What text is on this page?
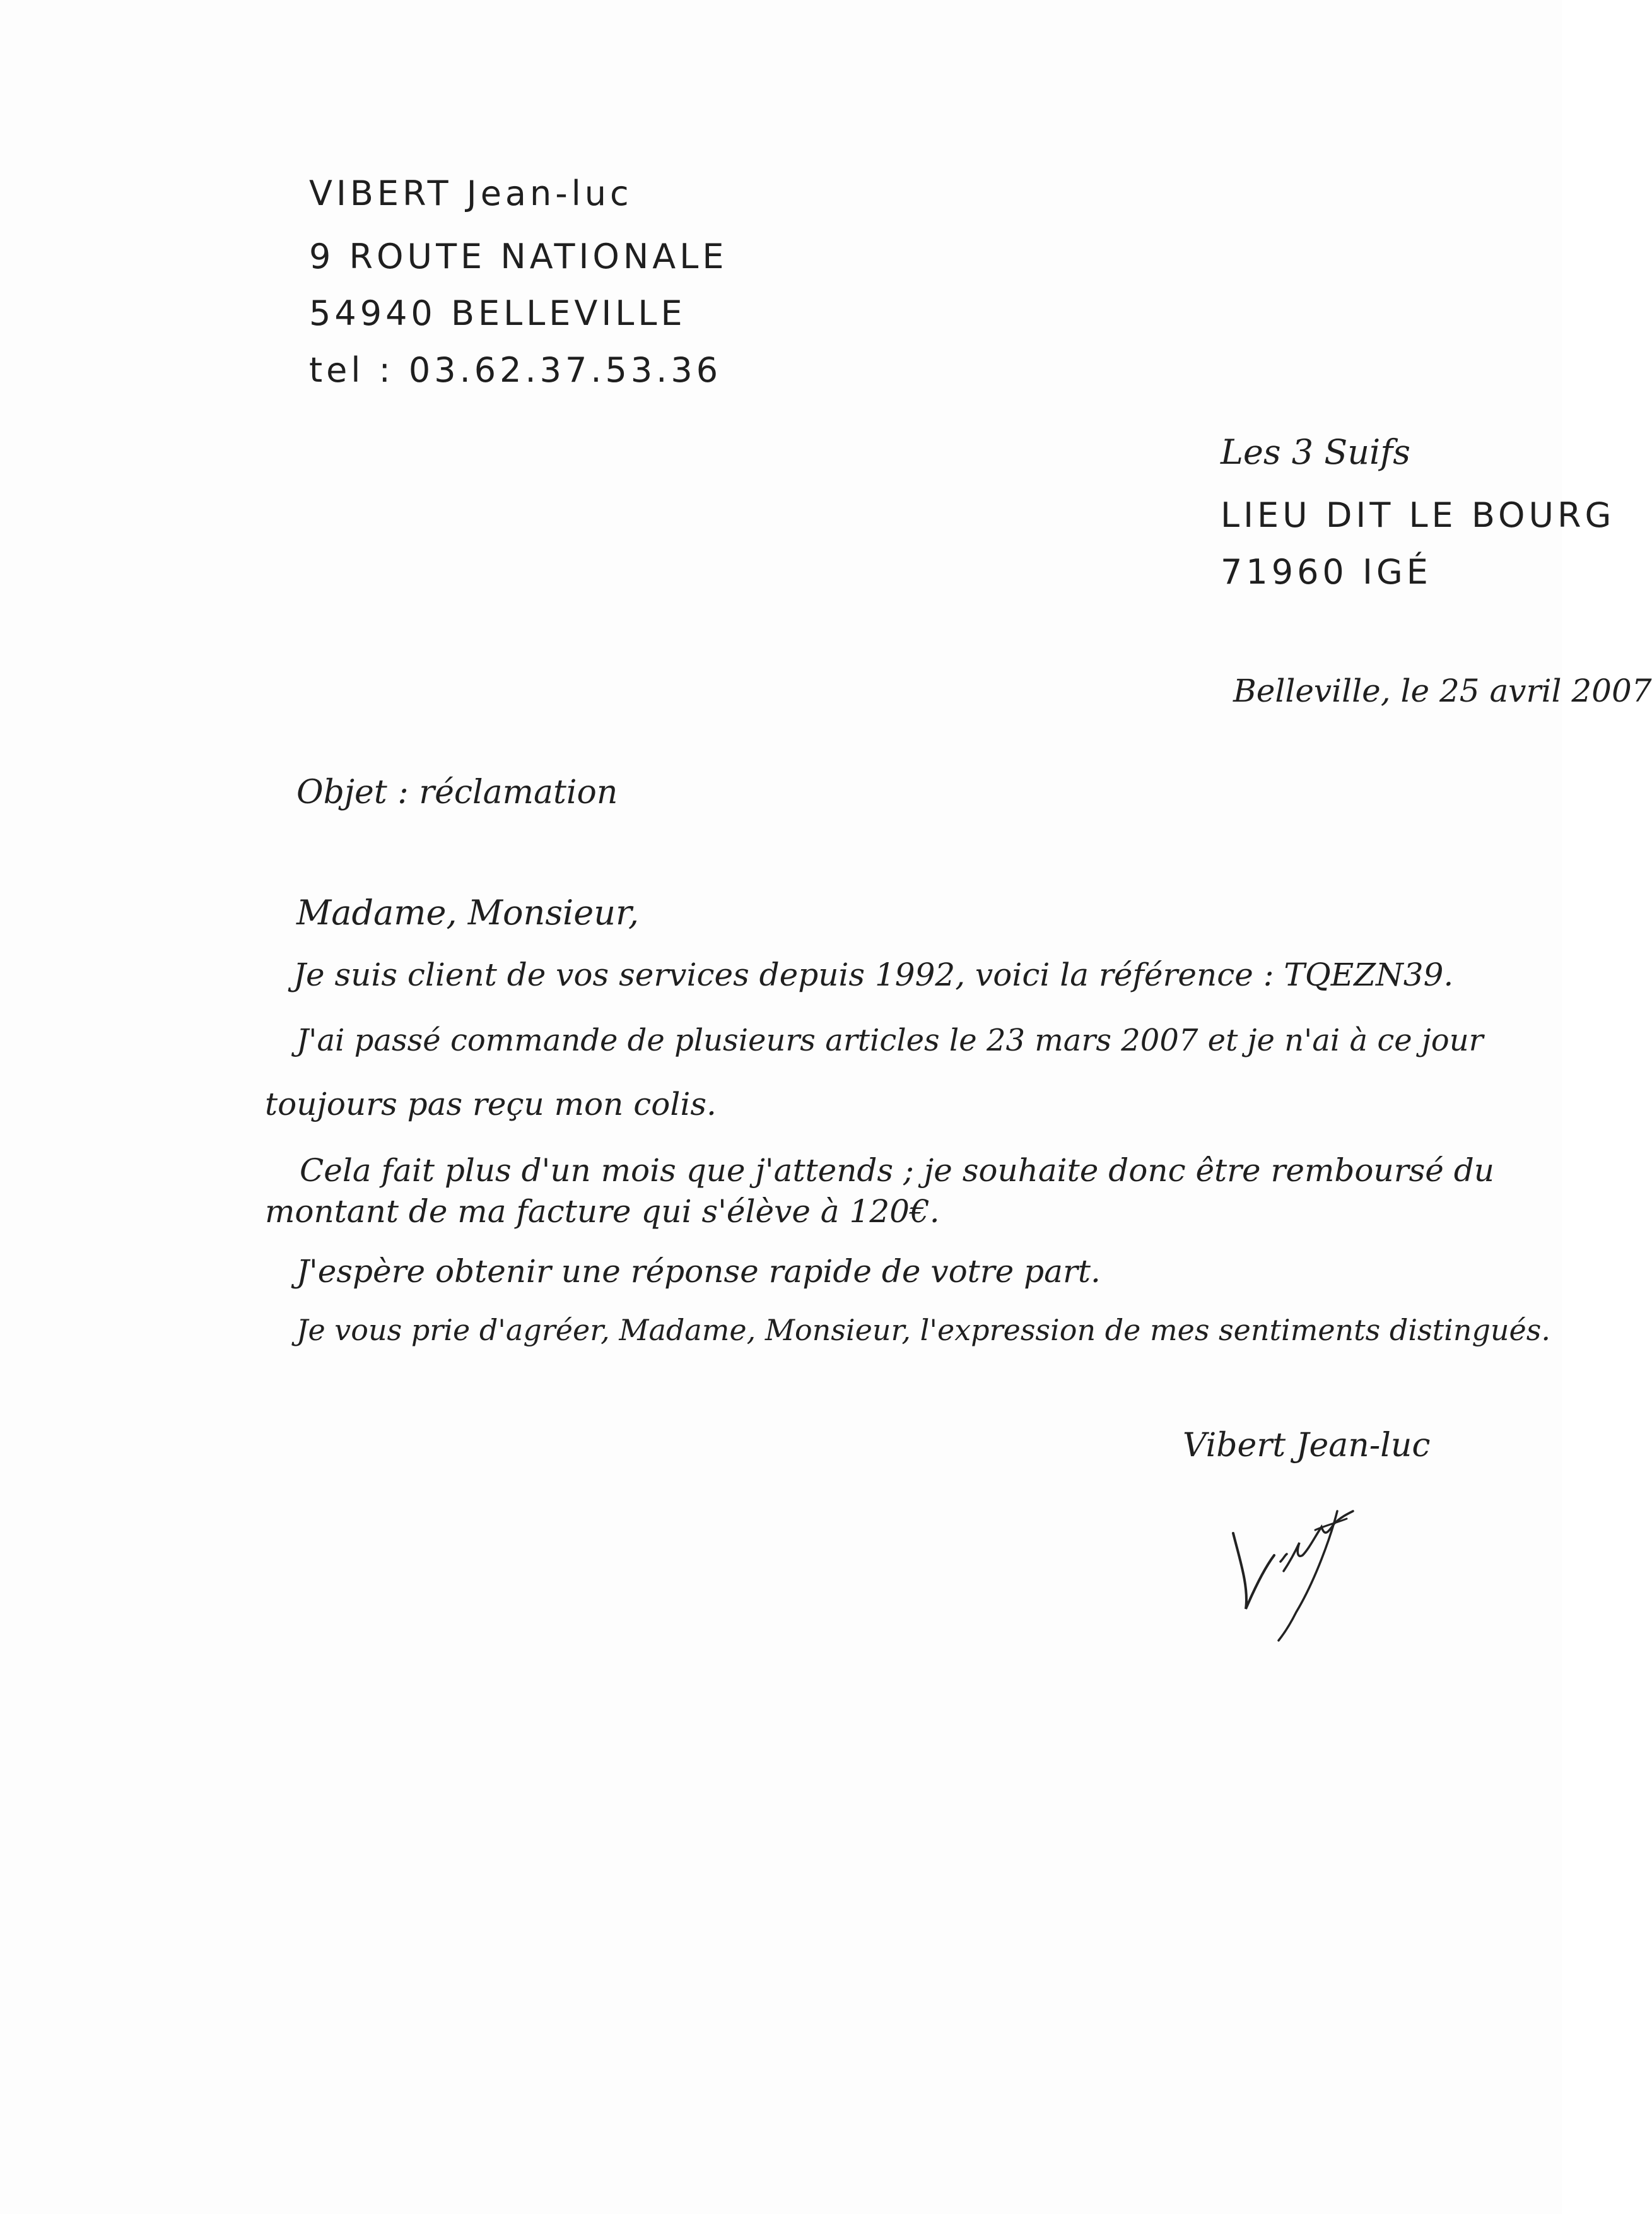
VIBERT Jean-luc
9 ROUTE NATIONALE
54940 BELLEVILLE
tel : 03.62.37.53.36
Les 3 Suifs
LIEU DIT LE BOURG
71960 IGÉ
Belleville, le 25 avril 2007
Objet : réclamation
Madame, Monsieur,
Je suis client de vos services depuis 1992, voici la référence : TQEZN39.
J'ai passé commande de plusieurs articles le 23 mars 2007 et je n'ai à ce jour
toujours pas reçu mon colis.
Cela fait plus d'un mois que j'attends ; je souhaite donc être remboursé du
montant de ma facture qui s'élève à 120€.
J'espère obtenir une réponse rapide de votre part.
Je vous prie d'agréer, Madame, Monsieur, l'expression de mes sentiments distingués.
Vibert Jean-luc
